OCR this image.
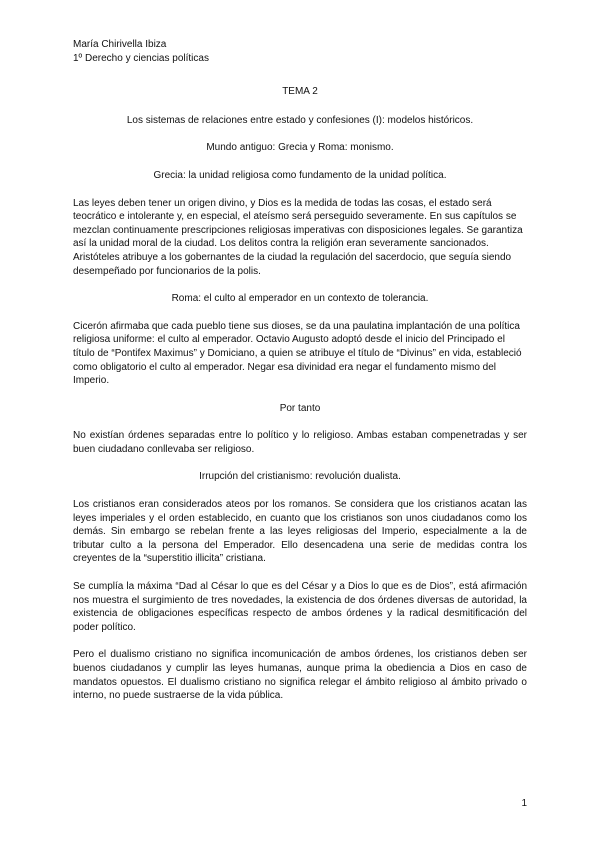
María Chirivella Ibiza

1º Derecho y ciencias políticas

TEMA 2

Los sistemas de relaciones entre estado y confesiones (I): modelos históricos.

Mundo antiguo: Grecia y Roma: monismo.

Grecia: la unidad religiosa como fundamento de la unidad política.

Las leyes deben tener un origen divino, y Dios es la medida de todas las cosas, el estado será teocrático e intolerante y, en especial, el ateísmo será perseguido severamente. En sus capítulos se mezclan continuamente prescripciones religiosas imperativas con disposiciones legales. Se garantiza así la unidad moral de la ciudad. Los delitos contra la religión eran severamente sancionados. Aristóteles atribuye a los gobernantes de la ciudad la regulación del sacerdocio, que seguía siendo desempeñado por funcionarios de la polis.

Roma: el culto al emperador en un contexto de tolerancia.

Cicerón afirmaba que cada pueblo tiene sus dioses, se da una paulatina implantación de una política religiosa uniforme: el culto al emperador. Octavio Augusto adoptó desde el inicio del Principado el título de “Pontifex Maximus” y Domiciano, a quien se atribuye el título de “Divinus” en vida, estableció como obligatorio el culto al emperador. Negar esa divinidad era negar el fundamento mismo del Imperio.

Por tanto

No existían órdenes separadas entre lo político y lo religioso. Ambas estaban compenetradas y ser buen ciudadano conllevaba ser religioso.

Irrupción del cristianismo: revolución dualista.

Los cristianos eran considerados ateos por los romanos. Se considera que los cristianos acatan las leyes imperiales y el orden establecido, en cuanto que los cristianos son unos ciudadanos como los demás. Sin embargo se rebelan frente a las leyes religiosas del Imperio, especialmente a la de tributar culto a la persona del Emperador. Ello desencadena una serie de medidas contra los creyentes de la “superstitio illicita” cristiana.

Se cumplía la máxima “Dad al César lo que es del César y a Dios lo que es de Dios”, está afirmación nos muestra el surgimiento de tres novedades, la existencia de dos órdenes diversas de autoridad, la existencia de obligaciones específicas respecto de ambos órdenes y la radical desmitificación del poder político.

Pero el dualismo cristiano no significa incomunicación de ambos órdenes, los cristianos deben ser buenos ciudadanos y cumplir las leyes humanas, aunque prima la obediencia a Dios en caso de mandatos opuestos. El dualismo cristiano no significa relegar el ámbito religioso al ámbito privado o interno, no puede sustraerse de la vida pública.

1
